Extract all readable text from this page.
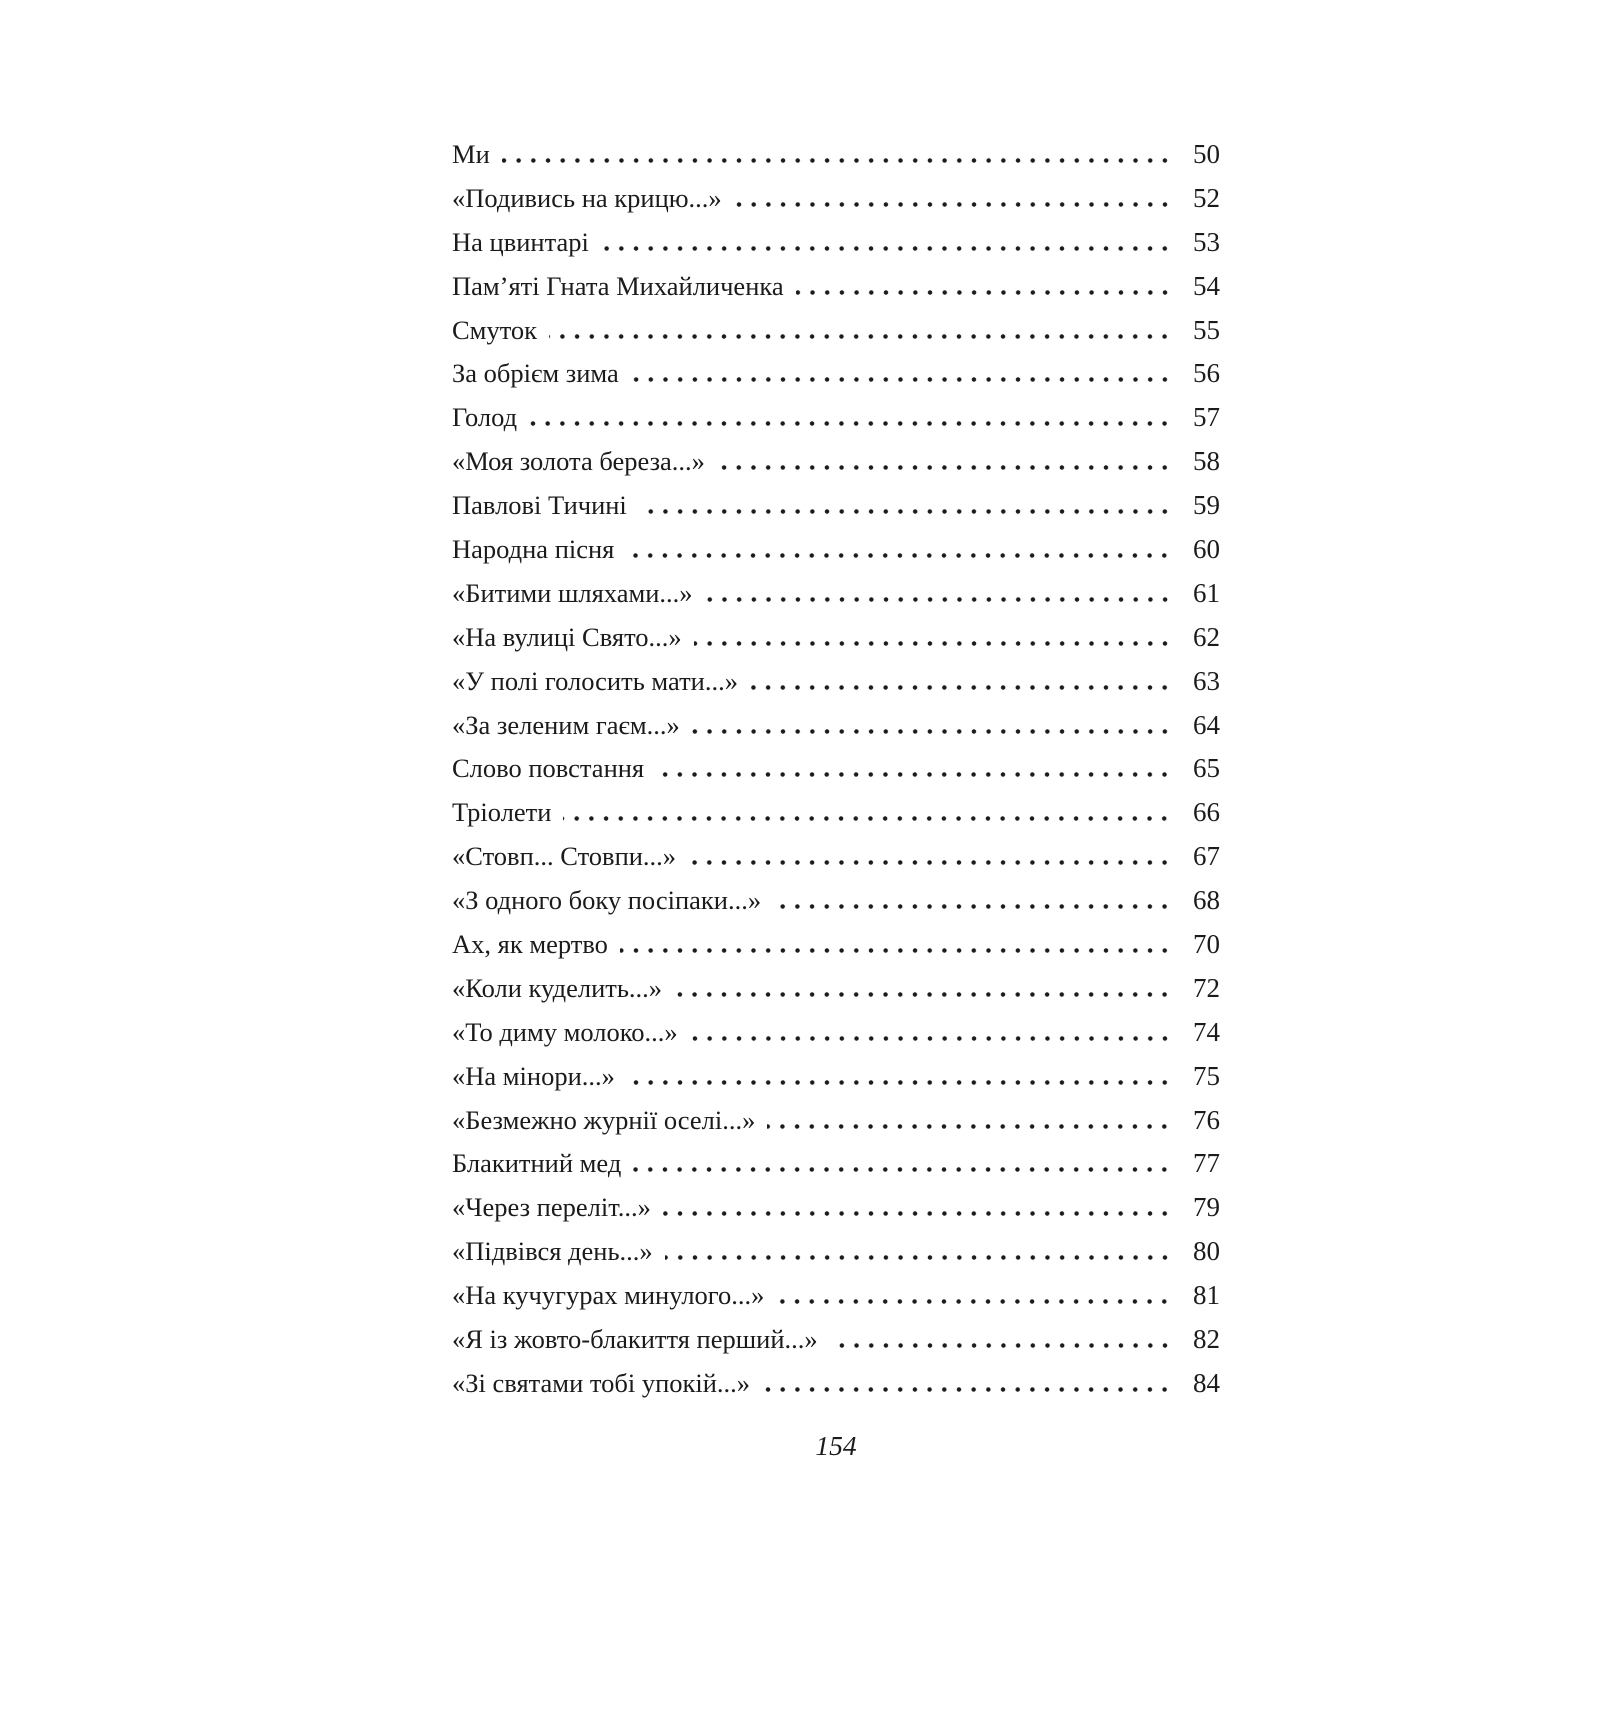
Ми	50
«Подивись на крицю...»	52
На цвинтарі	53
Пам’яті Гната Михайличенка	54
Смуток	55
За обрієм зима	56
Голод	57
«Моя золота береза...»	58
Павлові Тичині	59
Народна пісня	60
«Битими шляхами...»	61
«На вулиці Свято...»	62
«У полі голосить мати...»	63
«За зеленим гаєм...»	64
Слово повстання	65
Тріолети	66
«Стовп... Стовпи...»	67
«З одного боку посіпаки...»	68
Ах, як мертво	70
«Коли куделить...»	72
«То диму молоко...»	74
«На мінори...»	75
«Безмежно журнії оселі...»	76
Блакитний мед	77
«Через переліт...»	79
«Підвівся день...»	80
«На кучугурах минулого...»	81
«Я із жовто-блакиття перший...»	82
«Зі святами тобі упокій...»	84
154
